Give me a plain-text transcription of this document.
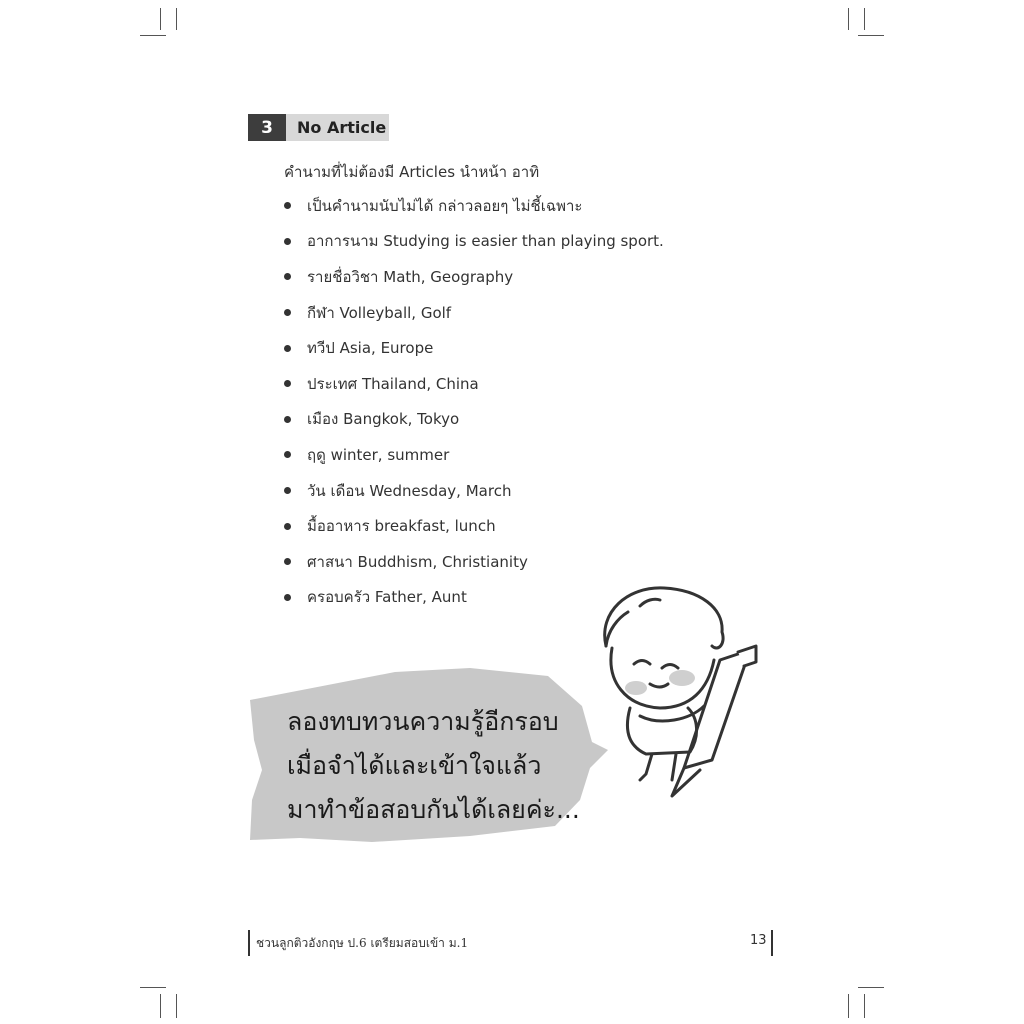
3	No Article
คำนามที่ไม่ต้องมี Articles นำหน้า อาทิ
เป็นคำนามนับไม่ได้ กล่าวลอยๆ ไม่ชี้เฉพาะ
อาการนาม Studying is easier than playing sport.
รายชื่อวิชา Math, Geography
กีฬา Volleyball, Golf
ทวีป Asia, Europe
ประเทศ Thailand, China
เมือง Bangkok, Tokyo
ฤดู winter, summer
วัน เดือน Wednesday, March
มื้ออาหาร breakfast, lunch
ศาสนา Buddhism, Christianity
ครอบครัว Father, Aunt
ลองทบทวนความรู้อีกรอบ
เมื่อจำได้และเข้าใจแล้ว
มาทำข้อสอบกันได้เลยค่ะ...
ชวนลูกติวอังกฤษ ป.6 เตรียมสอบเข้า ม.1	13
